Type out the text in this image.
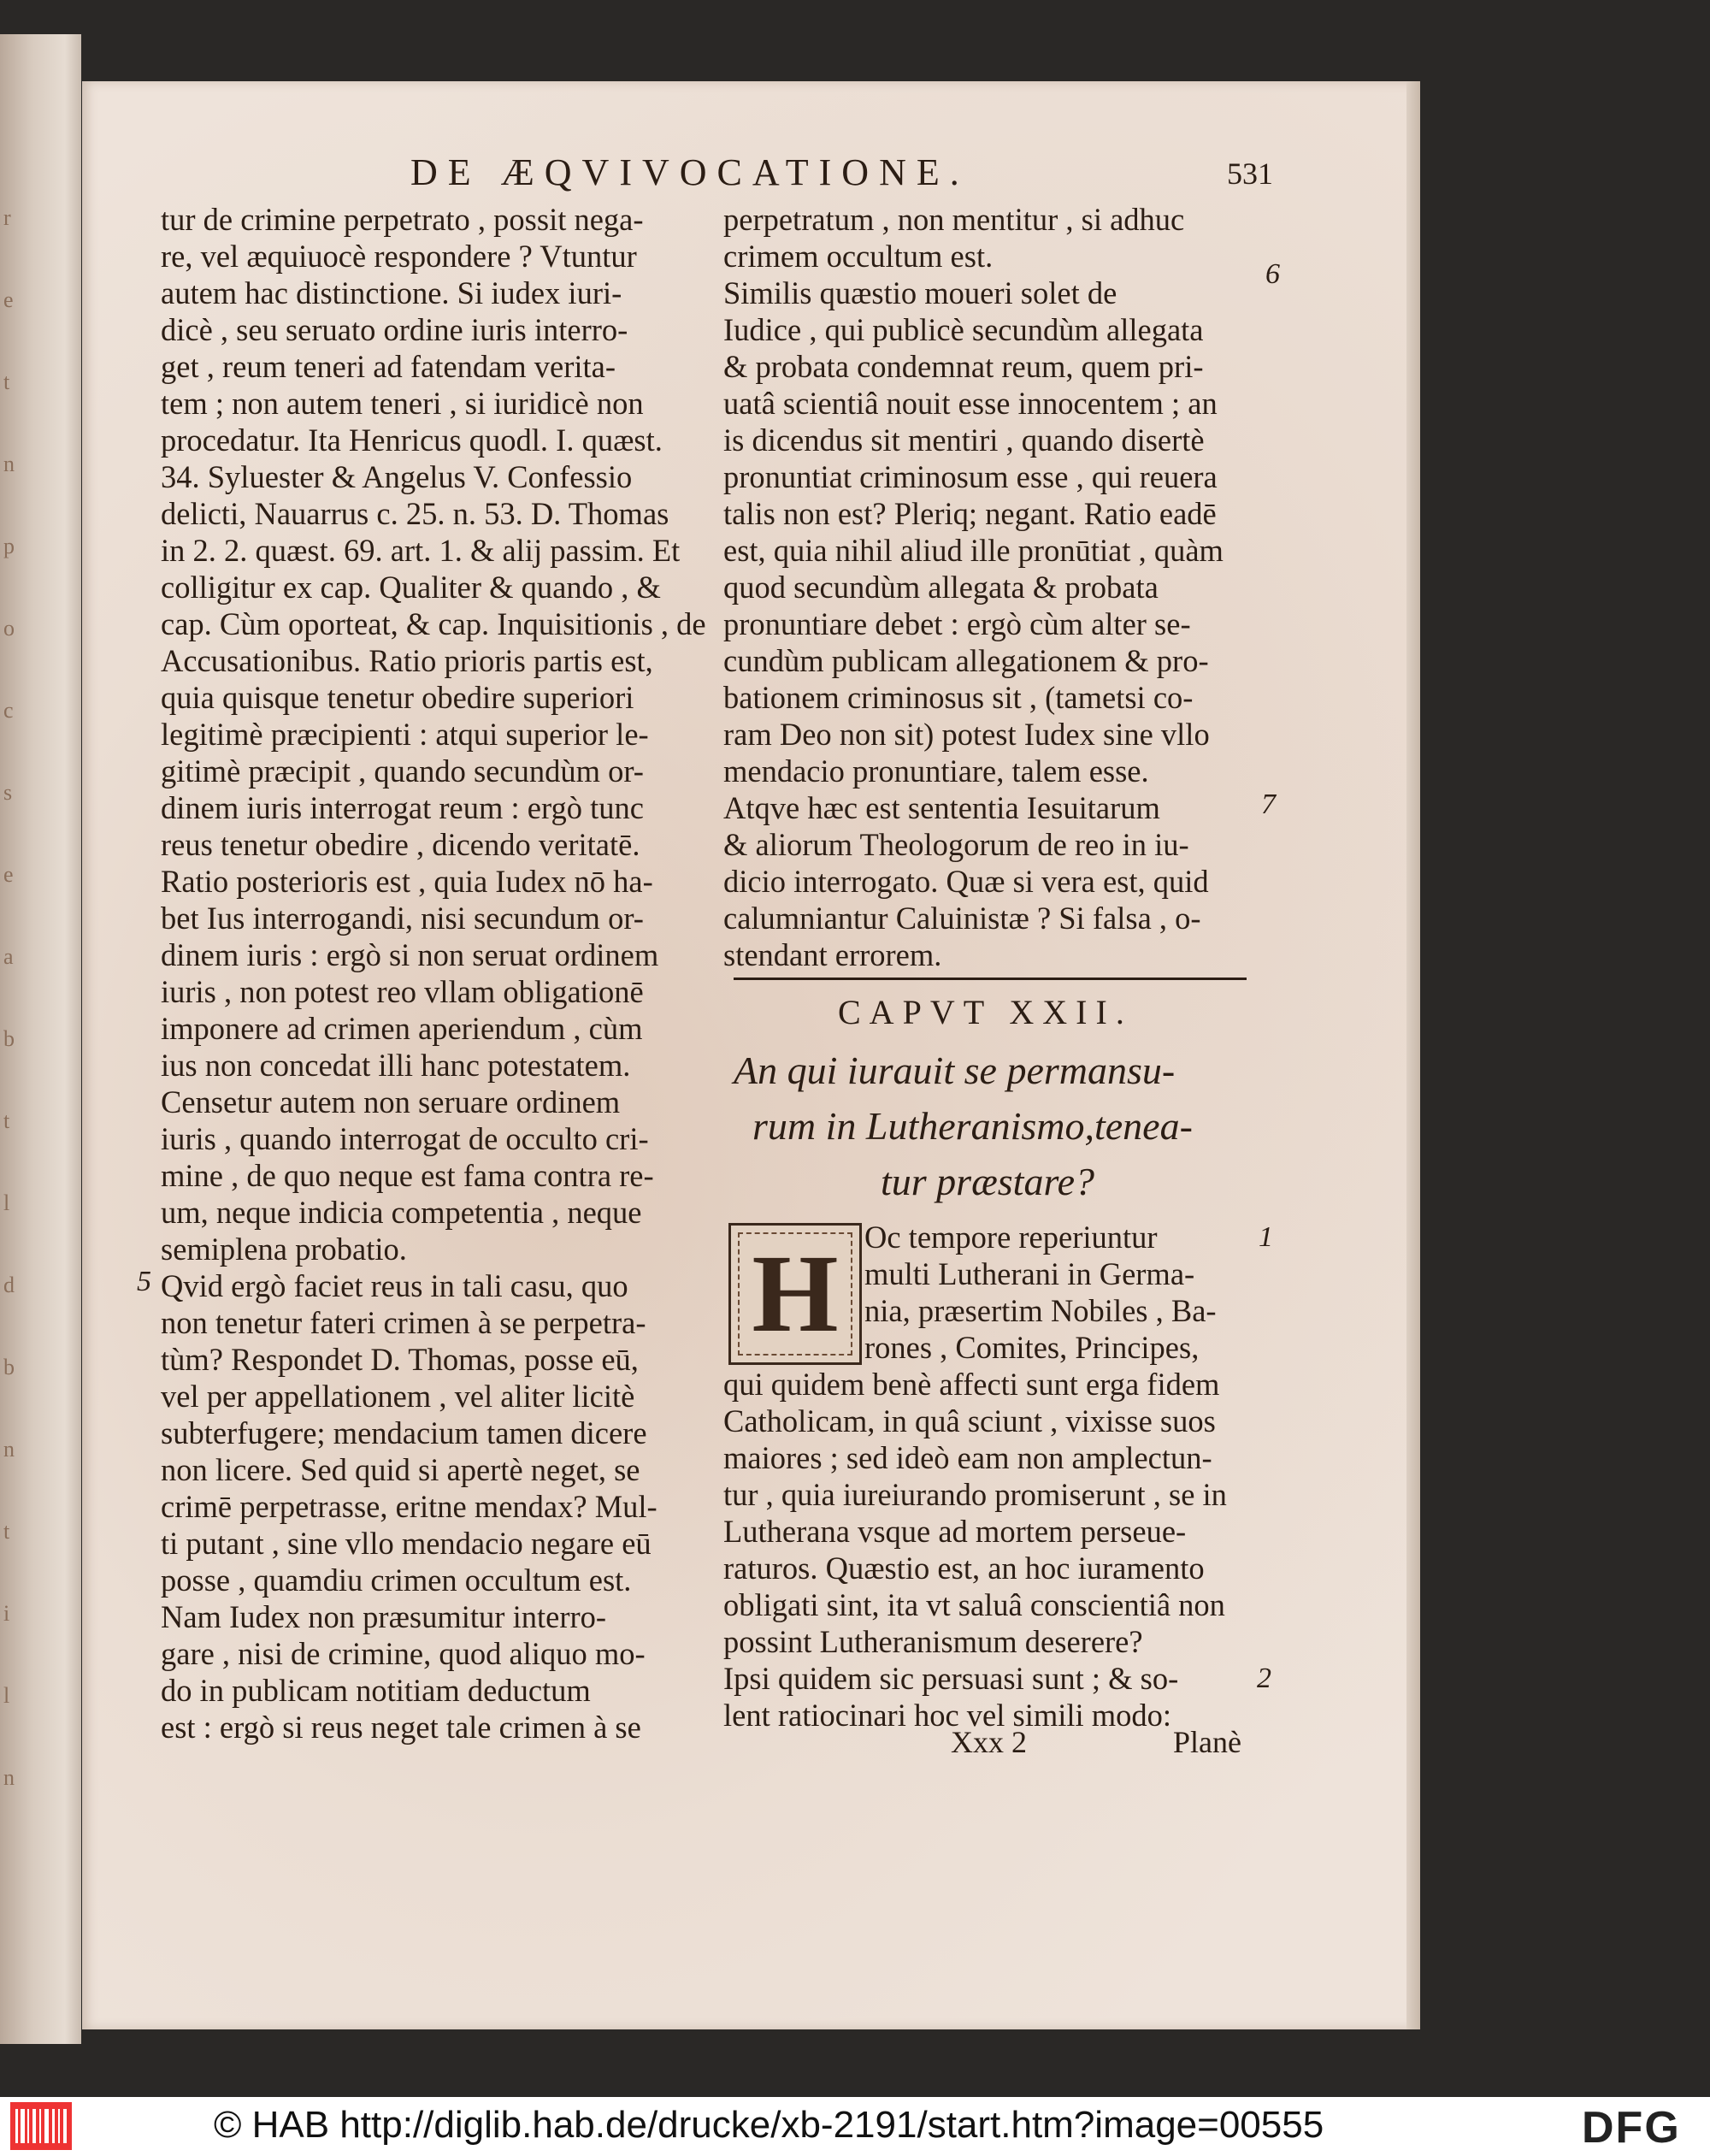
r
e
t
n
p
o
c
s
e
a
b
t
l
d
b
n
t
i
l
n
DE ÆQVIVOCATIONE.	531
tur de crimine perpetrato , possit nega-
re, vel æquiuocè respondere ? Vtuntur
autem hac distinctione. Si iudex iuri-
dicè , seu seruato ordine iuris interro-
get , reum teneri ad fatendam verita-
tem ; non autem teneri , si iuridicè non
procedatur. Ita Henricus quodl. I. quæst.
34. Syluester & Angelus V. Confessio
delicti, Nauarrus c. 25. n. 53. D. Thomas
in 2. 2. quæst. 69. art. 1. & alij passim. Et
colligitur ex cap. Qualiter & quando , &
cap. Cùm oporteat, & cap. Inquisitionis , de
Accusationibus. Ratio prioris partis est,
quia quisque tenetur obedire superiori
legitimè præcipienti : atqui superior le-
gitimè præcipit , quando secundùm or-
dinem iuris interrogat reum : ergò tunc
reus tenetur obedire , dicendo veritatē.
Ratio posterioris est , quia Iudex nō ha-
bet Ius interrogandi, nisi secundum or-
dinem iuris : ergò si non seruat ordinem
iuris , non potest reo vllam obligationē
imponere ad crimen aperiendum , cùm
ius non concedat illi hanc potestatem.
Censetur autem non seruare ordinem
iuris , quando interrogat de occulto cri-
mine , de quo neque est fama contra re-
um, neque indicia competentia , neque
semiplena probatio.
Qvid ergò faciet reus in tali casu, quo
non tenetur fateri crimen à se perpetra-
tùm? Respondet D. Thomas, posse eū,
vel per appellationem , vel aliter licitè
subterfugere; mendacium tamen dicere
non licere. Sed quid si apertè neget, se
crimē perpetrasse, eritne mendax? Mul-
ti putant , sine vllo mendacio negare eū
posse , quamdiu crimen occultum est.
Nam Iudex non præsumitur interro-
gare , nisi de crimine, quod aliquo mo-
do in publicam notitiam deductum
est : ergò si reus neget tale crimen à se
perpetratum , non mentitur , si adhuc
crimem occultum est.
Similis quæstio moueri solet de
Iudice , qui publicè secundùm allegata
& probata condemnat reum, quem pri-
uatâ scientiâ nouit esse innocentem ; an
is dicendus sit mentiri , quando disertè
pronuntiat criminosum esse , qui reuera
talis non est? Pleriq; negant. Ratio eadē
est, quia nihil aliud ille pronūtiat , quàm
quod secundùm allegata & probata
pronuntiare debet : ergò cùm alter se-
cundùm publicam allegationem & pro-
bationem criminosus sit , (tametsi co-
ram Deo non sit) potest Iudex sine vllo
mendacio pronuntiare, talem esse.
Atqve hæc est sententia Iesuitarum
& aliorum Theologorum de reo in iu-
dicio interrogato. Quæ si vera est, quid
calumniantur Caluinistæ ? Si falsa , o-
stendant errorem.
5
6
7
1
2
CAPVT XXII.
An qui iurauit se permansu-
rum in Lutheranismo,tenea-
tur præstare?
H Oc tempore reperiuntur
multi Lutherani in Germa-
nia, præsertim Nobiles , Ba-
rones , Comites, Principes,
qui quidem benè affecti sunt erga fidem
Catholicam, in quâ sciunt , vixisse suos
maiores ; sed ideò eam non amplectun-
tur , quia iureiurando promiserunt , se in
Lutherana vsque ad mortem perseue-
raturos. Quæstio est, an hoc iuramento
obligati sint, ita vt saluâ conscientiâ non
possint Lutheranismum deserere?
Ipsi quidem sic persuasi sunt ; & so-
lent ratiocinari hoc vel simili modo:
Xxx 2	Planè
© HAB http://diglib.hab.de/drucke/xb-2191/start.htm?image=00555	DFG
